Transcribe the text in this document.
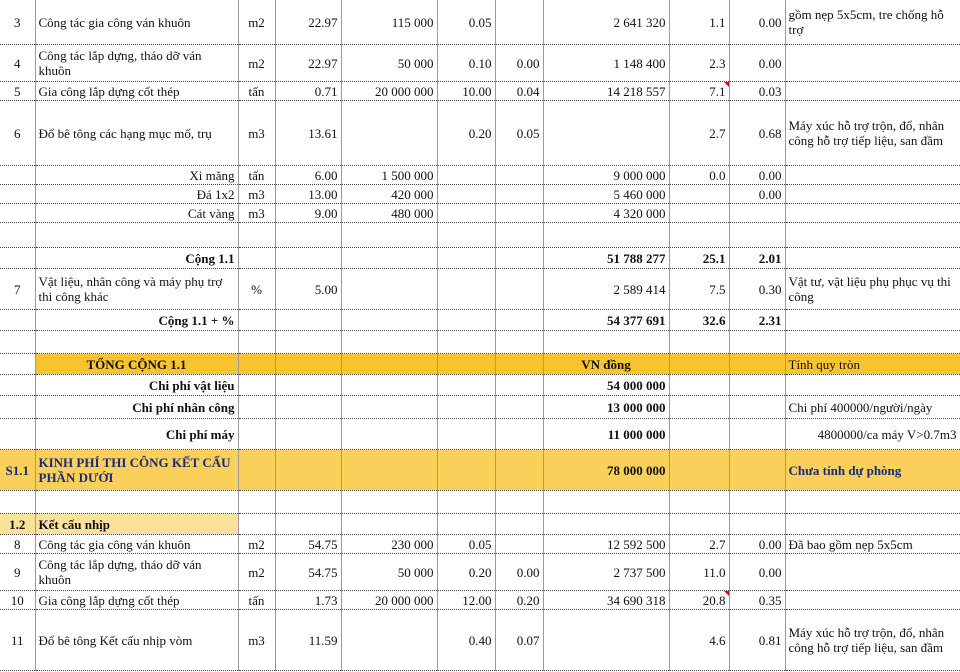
3	Công tác gia công ván khuôn	m2	22.97	115 000	0.05		2 641 320	1.1	0.00	gồm nẹp 5x5cm, tre chống hỗ trợ
4	Công tác lắp dựng, tháo dỡ ván khuôn	m2	22.97	50 000	0.10	0.00	1 148 400	2.3	0.00	
5	Gia công lắp dựng cốt thép	tấn	0.71	20 000 000	10.00	0.04	14 218 557	7.1	0.03	
6	Đổ bê tông các hạng mục mố, trụ	m3	13.61		0.20	0.05		2.7	0.68	Máy xúc hỗ trợ trộn, đổ, nhân công hỗ trợ tiếp liệu, san đầm
	Xi măng	tấn	6.00	1 500 000			9 000 000	0.0	0.00	
	Đá 1x2	m3	13.00	420 000			5 460 000		0.00	
	Cát vàng	m3	9.00	480 000			4 320 000			

	Cộng 1.1						51 788 277	25.1	2.01	
7	Vật liệu, nhân công và máy phụ trợ thi công khác	%	5.00				2 589 414	7.5	0.30	Vật tư, vật liệu phụ phục vụ thi công
	Cộng 1.1 + %						54 377 691	32.6	2.31	

	TỔNG CỘNG 1.1						VN đồng			Tính quy tròn
	Chi phí vật liệu						54 000 000			
	Chi phí nhân công						13 000 000			Chi phí 400000/người/ngày
	Chi phí máy						11 000 000			4800000/ca máy V>0.7m3
S1.1	KINH PHÍ THI CÔNG KẾT CẤU PHẦN DƯỚI						78 000 000			Chưa tính dự phòng

1.2	Kết cấu nhịp									
8	Công tác gia công ván khuôn	m2	54.75	230 000	0.05		12 592 500	2.7	0.00	Đã bao gồm nẹp 5x5cm
9	Công tác lắp dựng, tháo dỡ ván khuôn	m2	54.75	50 000	0.20	0.00	2 737 500	11.0	0.00	
10	Gia công lắp dựng cốt thép	tấn	1.73	20 000 000	12.00	0.20	34 690 318	20.8	0.35	
11	Đổ bê tông Kết cấu nhịp vòm	m3	11.59		0.40	0.07		4.6	0.81	Máy xúc hỗ trợ trộn, đổ, nhân công hỗ trợ tiếp liệu, san đầm
